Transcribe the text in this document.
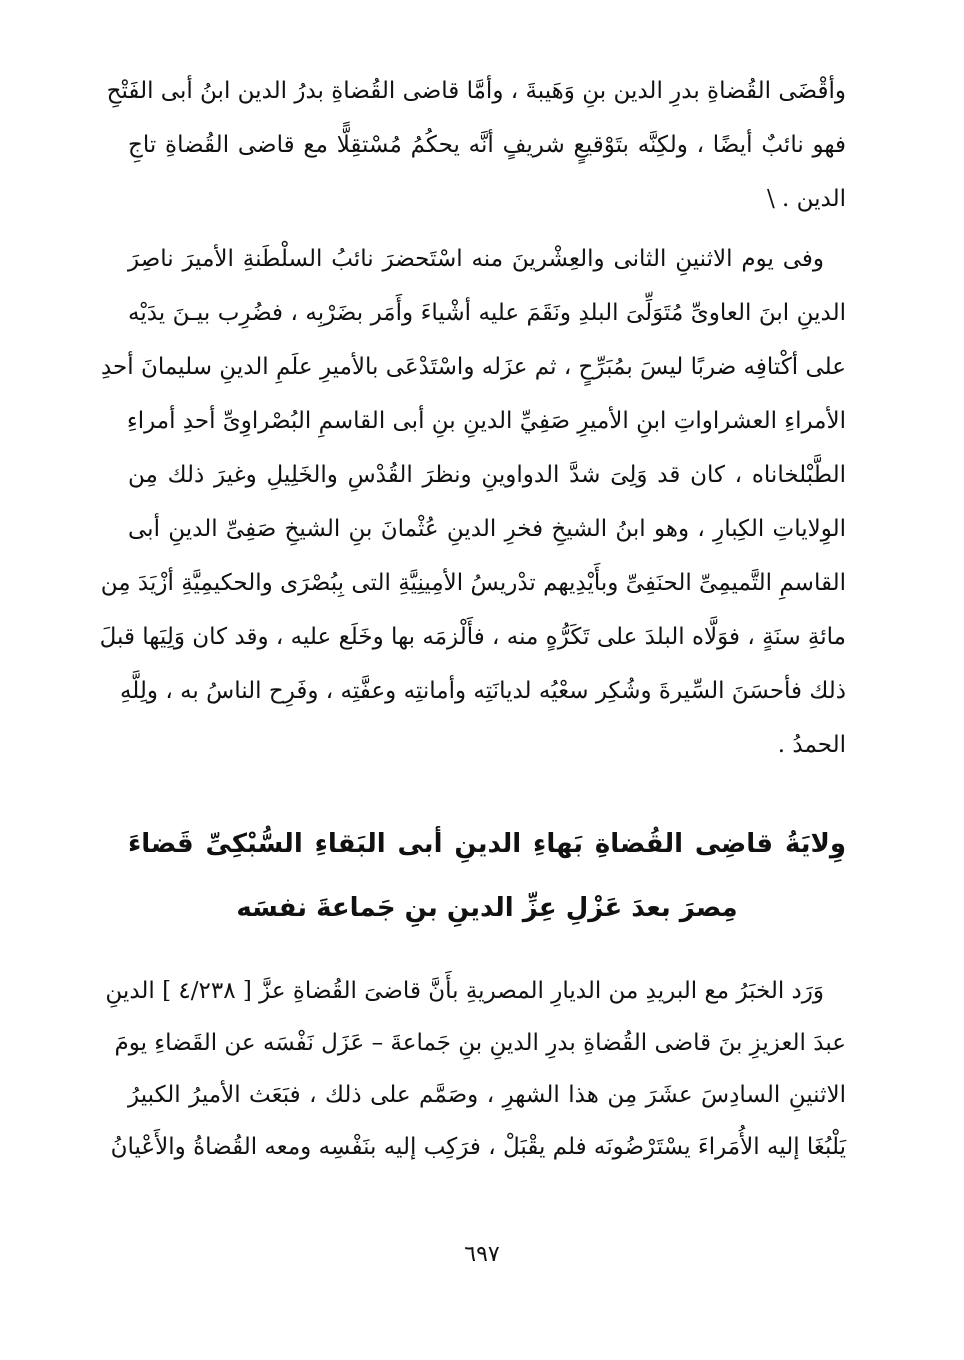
وأقْضَى القُضاةِ بدرِ الدين بنِ وَهَيبةَ ، وأمَّا قاضى القُضاةِ بدرُ الدين ابنُ أبى الفَتْحِ
فهو نائبٌ أيضًا ، ولكِنَّه بتَوْقيعٍ شريفٍ أنَّه يحكُمُ مُسْتقِلًّا مع قاضى القُضاةِ تاجِ
الدين . \

وفى يوم الاثنينِ الثانى والعِشْرينَ منه اسْتَحضرَ نائبُ السلْطَنةِ الأميرَ ناصِرَ
الدينِ ابنَ العاوىِّ مُتَوَلِّىَ البلدِ ونَقَمَ عليه أشْياءَ وأَمَر بضَرْبِه ، فضُرِب بيـنَ يدَيْه
على أكْتافِه ضربًا ليسَ بمُبَرِّحٍ ، ثم عزَله واسْتَدْعَى بالأميرِ علَمِ الدينِ سليمانَ أحدِ
الأمراءِ العشراواتِ ابنِ الأميرِ صَفِيِّ الدينِ بنِ أبى القاسمِ البُصْراوِىِّ أحدِ أمراءِ
الطَّبْلخاناه ، كان قد وَلِىَ شدَّ الدواوينِ ونظرَ القُدْسِ والخَلِيلِ وغيرَ ذلك مِن
الوِلاياتِ الكِبارِ ، وهو ابنُ الشيخِ فخرِ الدينِ عُثْمانَ بنِ الشيخِ صَفِىِّ الدينِ أبى
القاسمِ التَّميمِىِّ الحنَفِىِّ وبأَيْدِيهم تدْريسُ الأمِينِيَّةِ التى بِبُصْرَى والحكيمِيَّةِ أزْيَدَ مِن
مائةِ سنَةٍ ، فوَلَّاه البلدَ على تَكَرُّهٍ منه ، فأَلْزمَه بها وخَلَع عليه ، وقد كان وَلِيَها قبلَ
ذلك فأحسَنَ السِّيرةَ وشُكِر سعْيُه لديانَتِه وأمانتِه وعفَّتِه ، وفَرِح الناسُ به ، ولِلَّهِ
الحمدُ .

وِلايَةُ قاضِى القُضاةِ بَهاءِ الدينِ أبى البَقاءِ السُّبْكِىِّ قَضاءَ
مِصرَ بعدَ عَزْلِ عِزِّ الدينِ بنِ جَماعةَ نفسَه

وَرَد الخبَرُ مع البريدِ من الديارِ المصريةِ بأَنَّ قاضىَ القُضاةِ عزَّ [ ٤/٢٣٨ ] الدينِ
عبدَ العزيزِ بنَ قاضى القُضاةِ بدرِ الدينِ بنِ جَماعةَ – عَزَل نَفْسَه عن القَضاءِ يومَ
الاثنينِ السادِسَ عشَرَ مِن هذا الشهرِ ، وصَمَّم على ذلك ، فبَعَث الأميرُ الكبيرُ
يَلْبُغَا إليه الأُمَراءَ يسْتَرْضُونَه فلم يقْبَلْ ، فرَكِب إليه بنَفْسِه ومعه القُضاةُ والأَعْيانُ

٦٩٧
